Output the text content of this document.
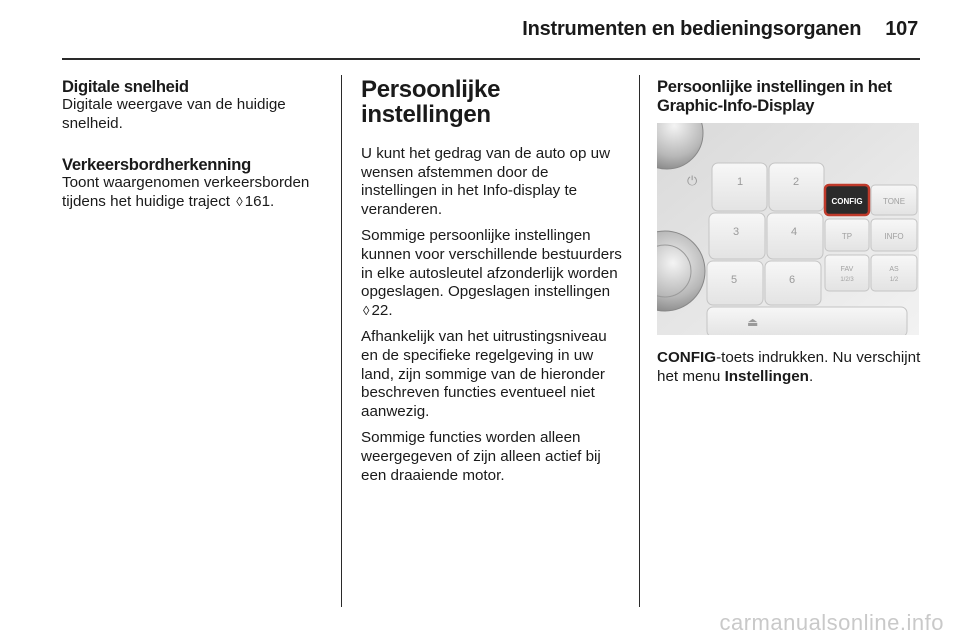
Instrumenten en bedieningsorganen 107
Digitale snelheid

Digitale weergave van de huidige snelheid.

Verkeersbordherkenning

Toont waargenomen verkeersborden tijdens het huidige traject ◊ 161.

Persoonlijke instellingen

U kunt het gedrag van de auto op uw wensen afstemmen door de instellingen in het Info-display te veranderen.

Sommige persoonlijke instellingen kunnen voor verschillende bestuurders in elke autosleutel afzonderlijk worden opgeslagen. Opgeslagen instellingen ◊ 22.

Afhankelijk van het uitrustingsniveau en de specifieke regelgeving in uw land, zijn sommige van de hieronder beschreven functies eventueel niet aanwezig.

Sommige functies worden alleen weergegeven of zijn alleen actief bij een draaiende motor.

Persoonlijke instellingen in het Graphic-Info-Display
⏻	1	2
3	4
5	6
⏏
CONFIG	TONE
TP	INFO
FAV
1/2/3
AS
1/2

CONFIG-toets indrukken. Nu verschijnt het menu Instellingen.

carmanualsonline.info
